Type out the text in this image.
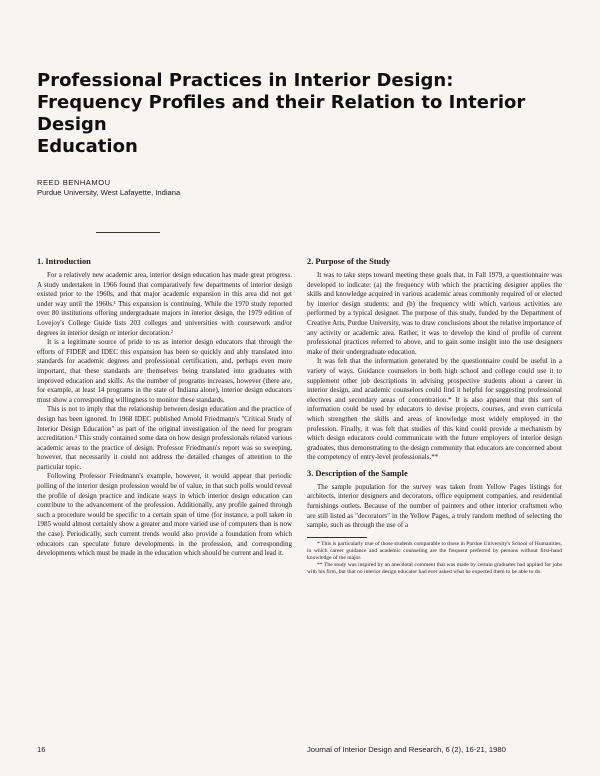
Professional Practices in Interior Design:
Frequency Profiles and their Relation to Interior Design
Education
REED BENHAMOU
Purdue University, West Lafayette, Indiana
1. Introduction

For a relatively new academic area, interior design education has made great progress. A study undertaken in 1966 found that comparatively few departments of interior design existed prior to the 1960s, and that major academic expansion in this area did not get under way until the 1960s.¹ This expansion is continuing. While the 1970 study reported over 80 institutions offering undergraduate majors in interior design, the 1979 edition of Lovejoy's College Guide lists 203 colleges and universities with coursework and/or degrees in interior design or interior decoration.²

It is a legitimate source of pride to us as interior design educators that through the efforts of FIDER and IDEC this expansion has been so quickly and ably translated into standards for academic degrees and professional certification, and, perhaps even more important, that these standards are themselves being translated into graduates with improved education and skills. As the number of programs increases, however (there are, for example, at least 14 programs in the state of Indiana alone), interior design educators must show a corresponding willingness to monitor these standards.

This is not to imply that the relationship between design education and the practice of design has been ignored. In 1968 IDEC published Arnold Friedmann's "Critical Study of Interior Design Education" as part of the original investigation of the need for program accreditation.³ This study contained some data on how design professionals related various academic areas to the practice of design. Professor Friedmann's report was so sweeping, however, that necessarily it could not address the detailed changes of attention to the particular topic.

Following Professor Friedmann's example, however, it would appear that periodic polling of the interior design profession would be of value, in that such polls would reveal the profile of design practice and indicate ways in which interior design education can contribute to the advancement of the profession. Additionally, any profile gained through such a procedure would be specific to a certain span of time (for instance, a poll taken in 1985 would almost certainly show a greater and more varied use of computers than is now the case). Periodically, such current trends would also provide a foundation from which educators can speculate future developments in the profession, and corresponding developments which must be made in the education which should be current and lead it.

2. Purpose of the Study

It was to take steps toward meeting these goals that, in Fall 1979, a questionnaire was developed to indicate: (a) the frequency with which the practicing designer applies the skills and knowledge acquired in various academic areas commonly required of or elected by interior design students; and (b) the frequency with which various activities are performed by a typical designer. The purpose of this study, funded by the Department of Creative Arts, Purdue University, was to draw conclusions about the relative importance of any activity or academic area. Rather, it was to develop the kind of profile of current professional practices referred to above, and to gain some insight into the use designers make of their undergraduate education.

It was felt that the information generated by the questionnaire could be useful in a variety of ways. Guidance counselors in both high school and college could use it to supplement other job descriptions in advising prospective students about a career in interior design, and academic counselors could find it helpful for suggesting professional electives and secondary areas of concentration.* It is also apparent that this sort of information could be used by educators to devise projects, courses, and even curricula which strengthen the skills and areas of knowledge most widely employed in the profession. Finally, it was felt that studies of this kind could provide a mechanism by which design educators could communicate with the future employers of interior design graduates, thus demonstrating to the design community that educators are concerned about the competency of entry-level professionals.**

3. Description of the Sample

The sample population for the survey was taken from Yellow Pages listings for architects, interior designers and decorators, office equipment companies, and residential furnishings outlets. Because of the number of painters and other interior craftsmen who are still listed as "decorators" in the Yellow Pages, a truly random method of selecting the sample, such as through the use of a

* This is particularly true of those students comparable to those in Purdue University's School of Humanities, in which career guidance and academic counseling are the frequent preferred by persons without first-hand knowledge of the major.

** The study was inspired by an anecdotal comment that was made by certain graduates had applied for jobs with his firm, but that no interior design educator had ever asked what he expected them to be able to do.

16	Journal of Interior Design and Research, 6 (2), 16-21, 1980
